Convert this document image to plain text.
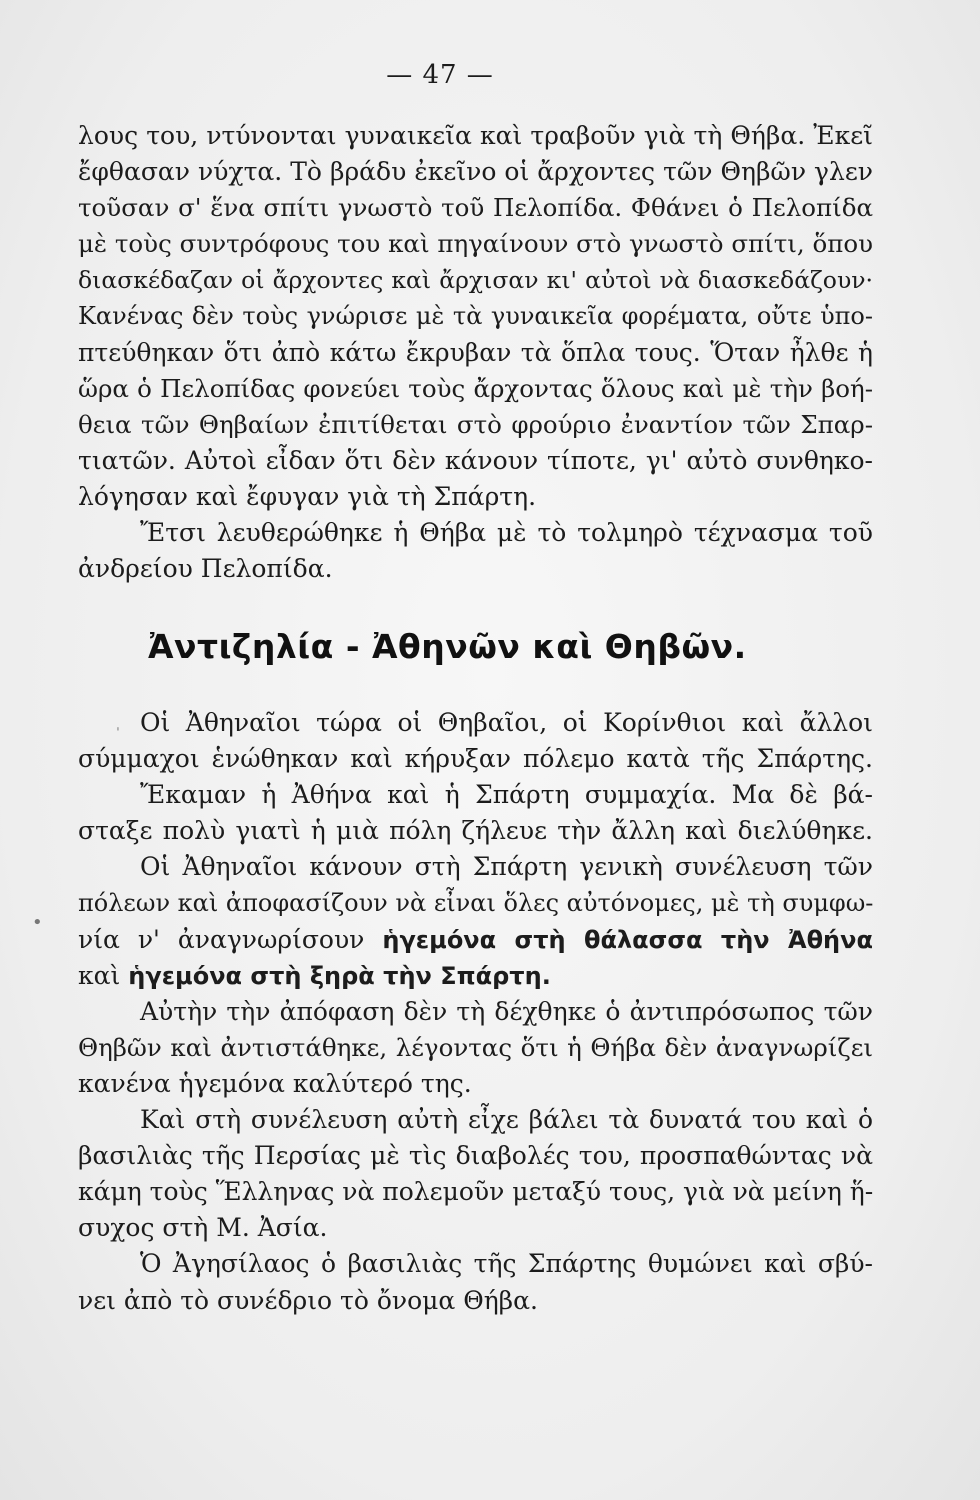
— 47 —
λους του, ντύνονται γυναικεῖα καὶ τραβοῦν γιὰ τὴ Θήβα. Ἐκεῖ
ἔφθασαν νύχτα. Τὸ βράδυ ἐκεῖνο οἱ ἄρχοντες τῶν Θηβῶν γλεν
τοῦσαν σ' ἕνα σπίτι γνωστὸ τοῦ Πελοπίδα. Φθάνει ὁ Πελοπίδα
μὲ τοὺς συντρόφους του καὶ πηγαίνουν στὸ γνωστὸ σπίτι, ὅπου
διασκέδαζαν οἱ ἄρχοντες καὶ ἄρχισαν κι' αὐτοὶ νὰ διασκεδάζουν·
Κανένας δὲν τοὺς γνώρισε μὲ τὰ γυναικεῖα φορέματα, οὔτε ὑπο-
πτεύθηκαν ὅτι ἀπὸ κάτω ἔκρυβαν τὰ ὅπλα τους. Ὅταν ἦλθε ἡ
ὥρα ὁ Πελοπίδας φονεύει τοὺς ἄρχοντας ὅλους καὶ μὲ τὴν βοή-
θεια τῶν Θηβαίων ἐπιτίθεται στὸ φρούριο ἐναντίον τῶν Σπαρ-
τιατῶν. Αὐτοὶ εἶδαν ὅτι δὲν κάνουν τίποτε, γι' αὐτὸ συνθηκο-
λόγησαν καὶ ἔφυγαν γιὰ τὴ Σπάρτη.
Ἔτσι λευθερώθηκε ἡ Θήβα μὲ τὸ τολμηρὸ τέχνασμα τοῦ
ἀνδρείου Πελοπίδα.
Ἀντιζηλία - Ἀθηνῶν καὶ Θηβῶν.
Οἱ Ἀθηναῖοι τώρα οἱ Θηβαῖοι, οἱ Κορίνθιοι καὶ ἄλλοι
σύμμαχοι ἑνώθηκαν καὶ κήρυξαν πόλεμο κατὰ τῆς Σπάρτης.
Ἔκαμαν ἡ Ἀθήνα καὶ ἡ Σπάρτη συμμαχία. Μα δὲ βά-
σταξε πολὺ γιατὶ ἡ μιὰ πόλη ζήλευε τὴν ἄλλη καὶ διελύθηκε.
Οἱ Ἀθηναῖοι κάνουν στὴ Σπάρτη γενικὴ συνέλευση τῶν
πόλεων καὶ ἀποφασίζουν νὰ εἶναι ὅλες αὐτόνομες, μὲ τὴ συμφω-
νία ν' ἀναγνωρίσουν ἡγεμόνα στὴ θάλασσα τὴν Ἀθήνα
καὶ ἡγεμόνα στὴ ξηρὰ τὴν Σπάρτη.
Αὐτὴν τὴν ἀπόφαση δὲν τὴ δέχθηκε ὁ ἀντιπρόσωπος τῶν
Θηβῶν καὶ ἀντιστάθηκε, λέγοντας ὅτι ἡ Θήβα δὲν ἀναγνωρίζει
κανένα ἡγεμόνα καλύτερό της.
Καὶ στὴ συνέλευση αὐτὴ εἶχε βάλει τὰ δυνατά του καὶ ὁ
βασιλιὰς τῆς Περσίας μὲ τὶς διαβολές του, προσπαθώντας νὰ
κάμη τοὺς Ἕλληνας νὰ πολεμοῦν μεταξύ τους, γιὰ νὰ μείνη ἥ-
συχος στὴ Μ. Ἀσία.
Ὁ Ἀγησίλαος ὁ βασιλιὰς τῆς Σπάρτης θυμώνει καὶ σβύ-
νει ἀπὸ τὸ συνέδριο τὸ ὄνομα Θήβα.
•
ˌ
